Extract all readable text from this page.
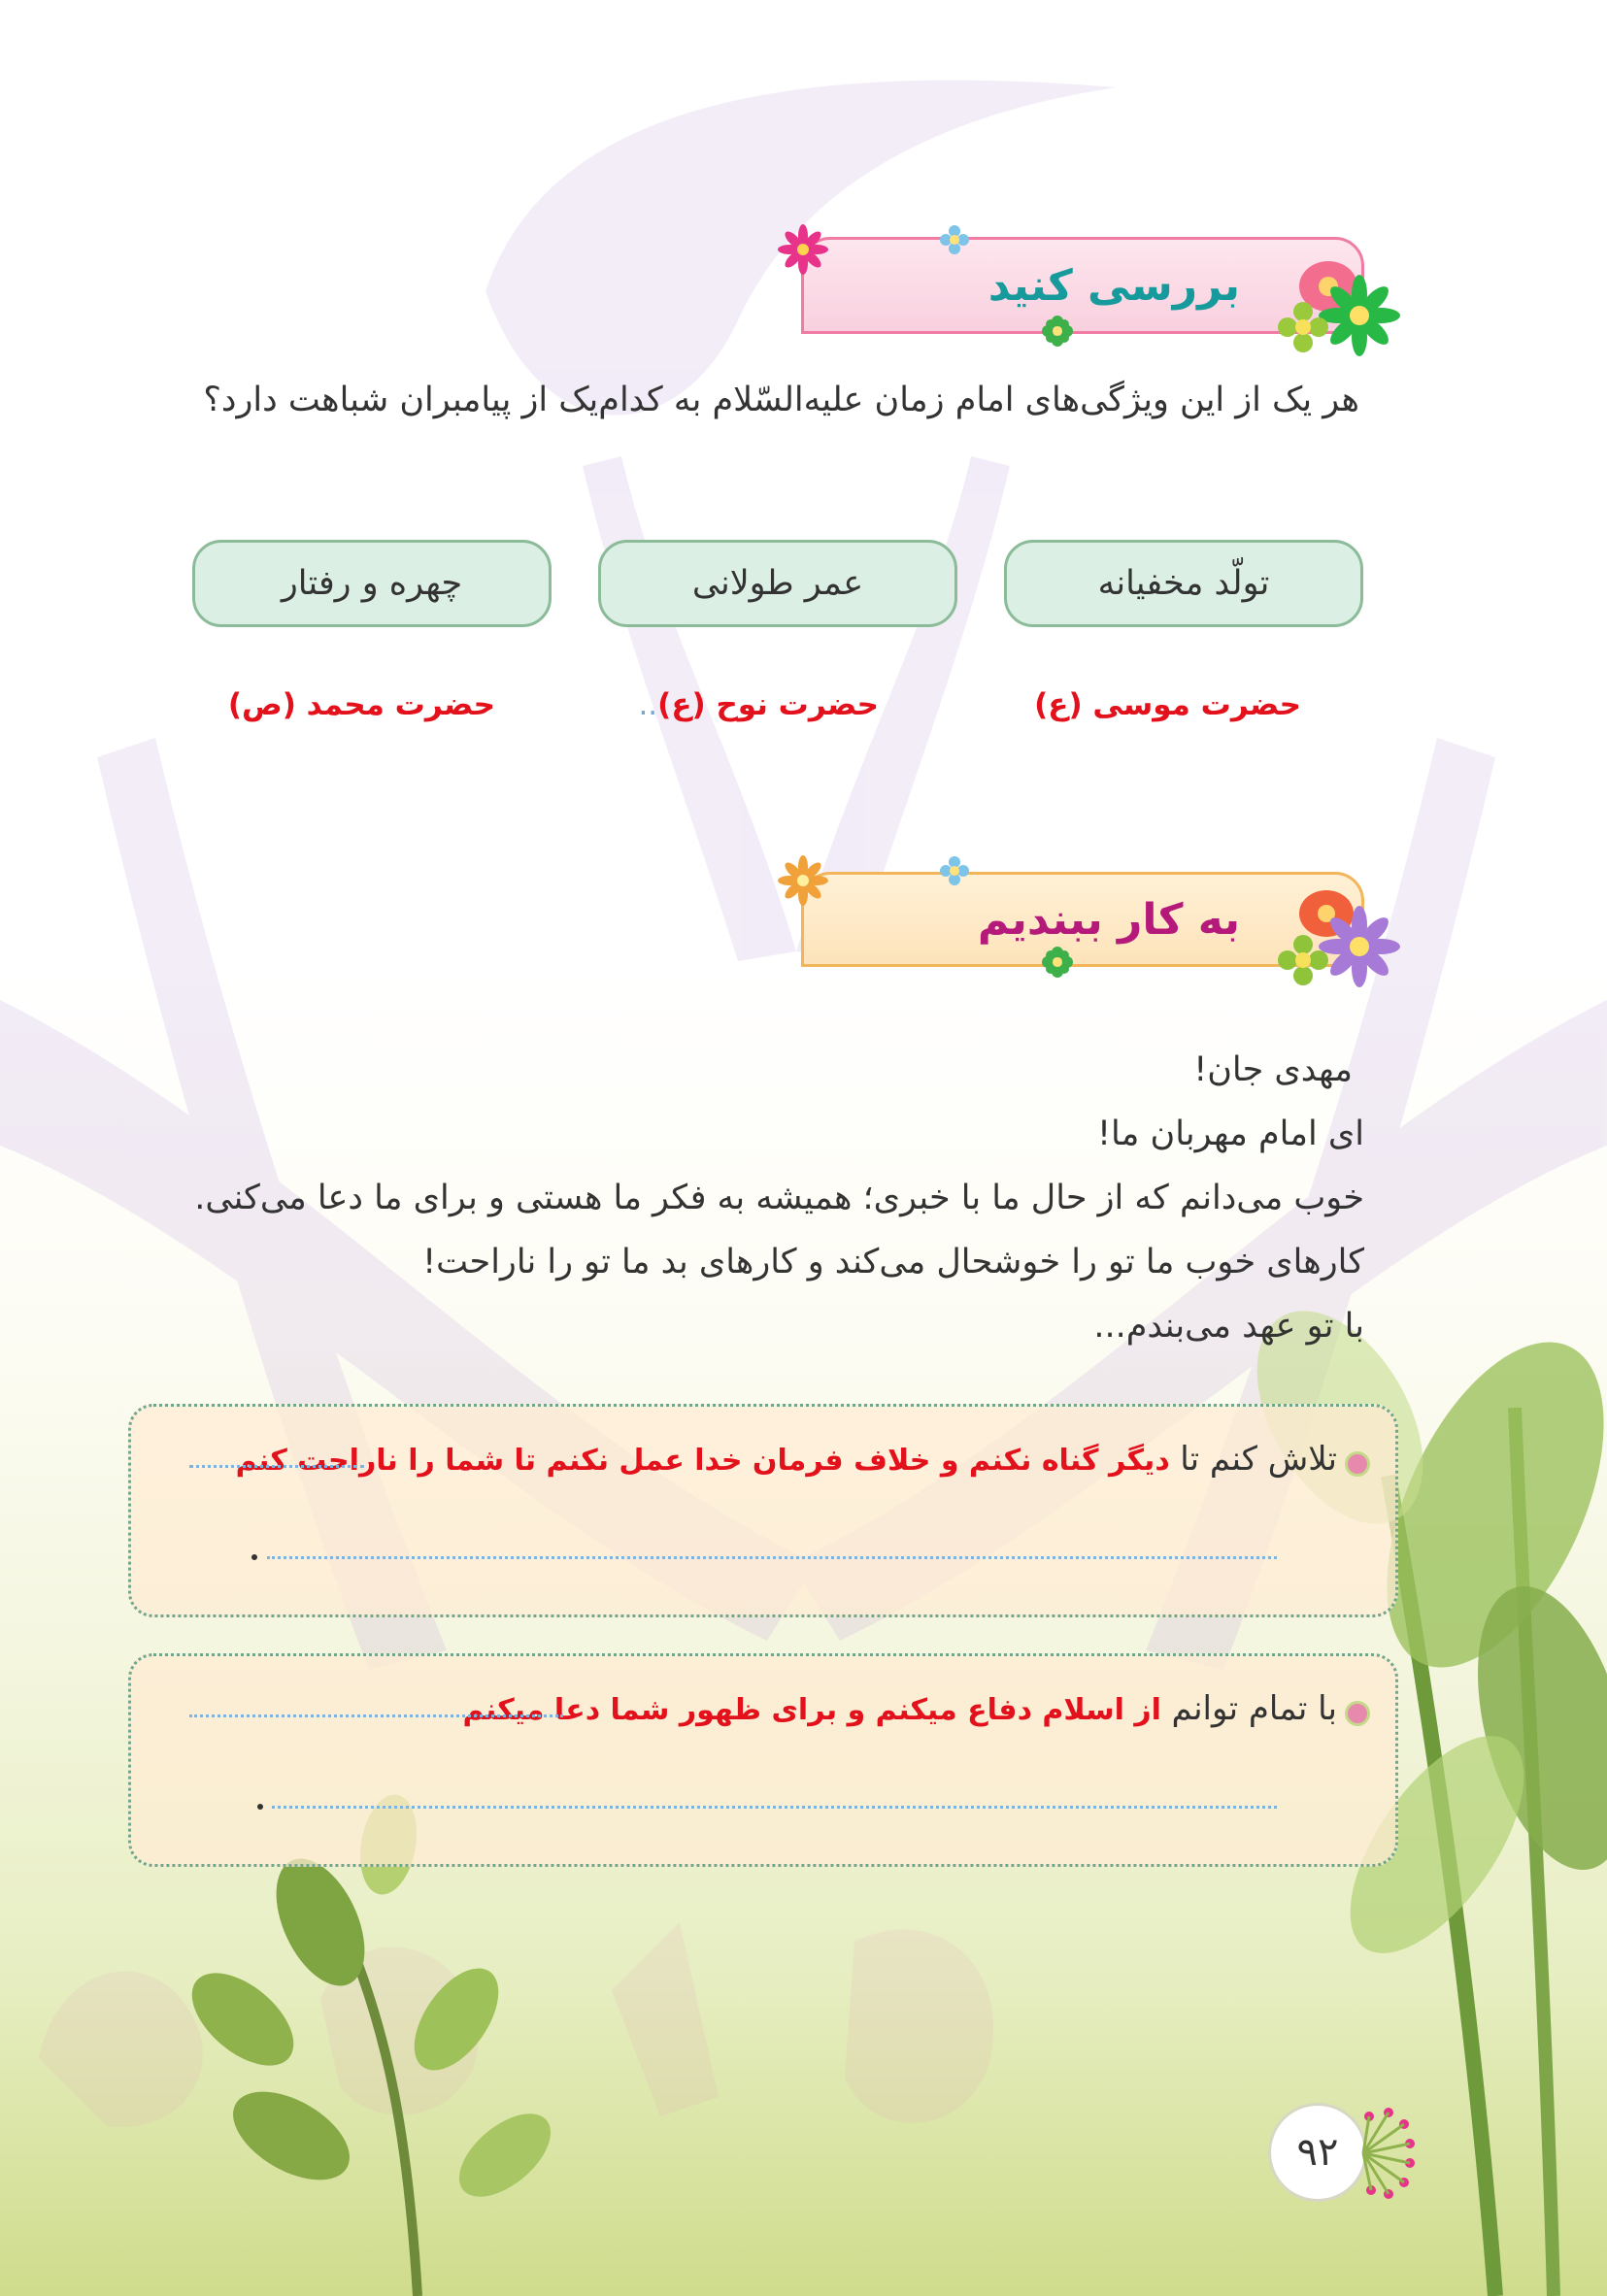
بررسی کنید
هر یک از این ویژگی‌های امام زمان علیه‌السّلام به کدام‌یک از پیامبران شباهت دارد؟
تولّد مخفیانه
عمر طولانی
چهره و رفتار
حضرت موسی (ع)
حضرت نوح (ع)..
حضرت محمد (ص)
به کار ببندیم
مهدی جان!
ای امام مهربان ما!
خوب می‌دانم که از حال ما با خبری؛ همیشه به فکر ما هستی و برای ما دعا می‌کنی.
کارهای خوب ما تو را خوشحال می‌کند و کارهای بد ما تو را ناراحت!
با تو عهد می‌بندم...
تلاش کنم تا دیگر گناه نکنم و خلاف فرمان خدا عمل نکنم تا شما را ناراحت کنم
با تمام توانم از اسلام دفاع میکنم و برای ظهور شما دعا میکنم
۹۲
